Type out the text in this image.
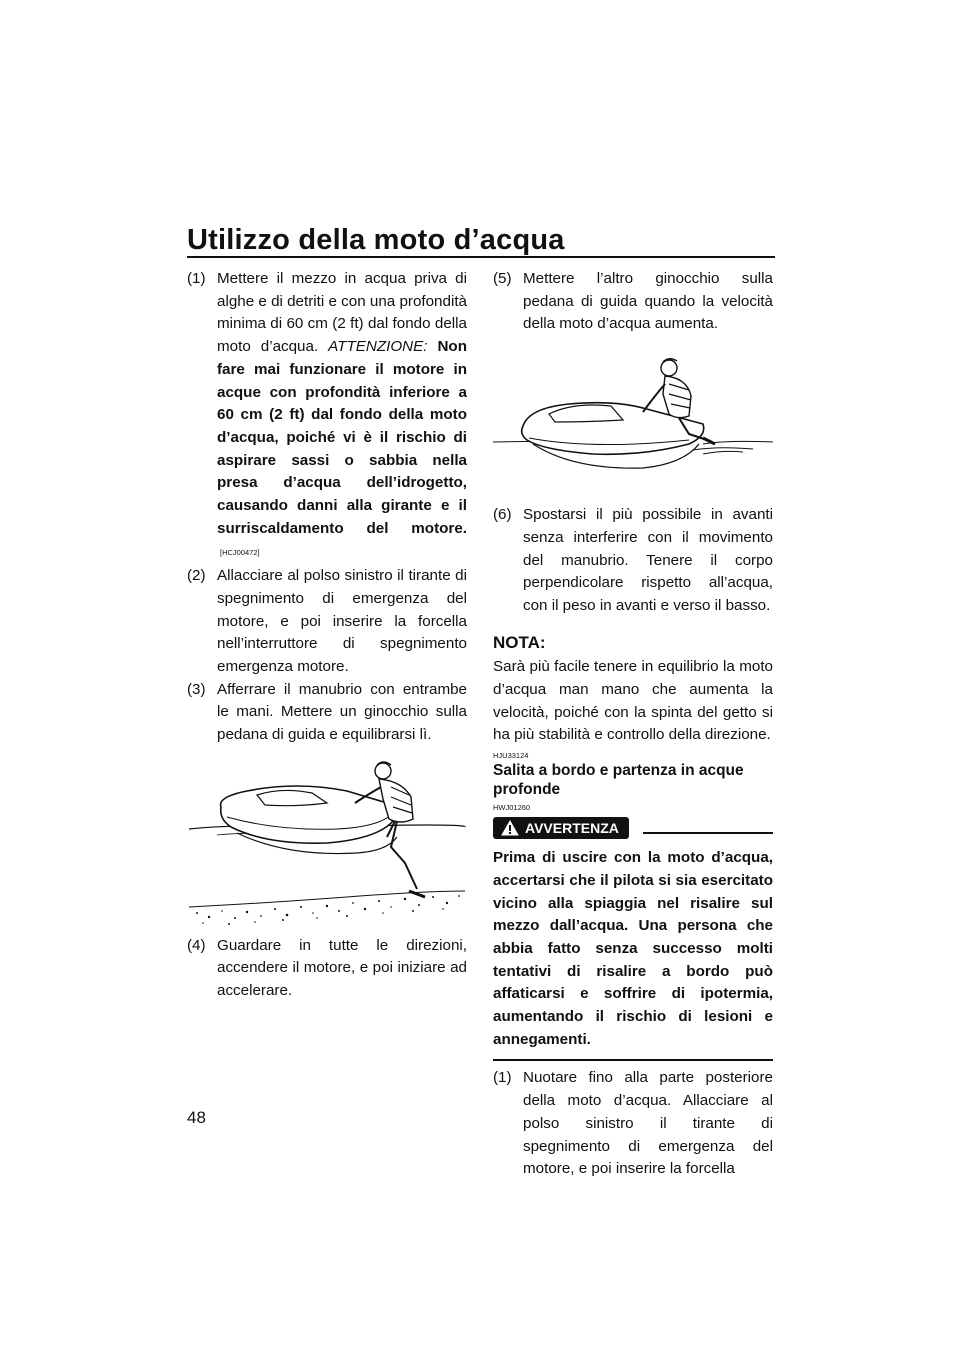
Utilizzo della moto d’acqua
(1) Mettere il mezzo in acqua priva di alghe e di detriti e con una profondità minima di 60 cm (2 ft) dal fondo della moto d’acqua. ATTENZIONE: Non fare mai funzionare il motore in acque con profondità inferiore a 60 cm (2 ft) dal fondo della moto d’acqua, poiché vi è il rischio di aspirare sassi o sabbia nella presa d’acqua dell’idrogetto, causando danni alla girante e il surriscaldamento del motore.[HCJ00472]
(2) Allacciare al polso sinistro il tirante di spegnimento di emergenza del motore, e poi inserire la forcella nell’interruttore di spegnimento emergenza motore.
(3) Afferrare il manubrio con entrambe le mani. Mettere un ginocchio sulla pedana di guida e equilibrarsi lì.
(4) Guardare in tutte le direzioni, accendere il motore, e poi iniziare ad accelerare.
(5) Mettere l’altro ginocchio sulla pedana di guida quando la velocità della moto d’acqua aumenta.
(6) Spostarsi il più possibile in avanti senza interferire con il movimento del manubrio. Tenere il corpo perpendicolare rispetto all’acqua, con il peso in avanti e verso il basso.
NOTA:
Sarà più facile tenere in equilibrio la moto d’acqua man mano che aumenta la velocità, poiché con la spinta del getto si ha più stabilità e controllo della direzione.
HJU33124
Salita a bordo e partenza in acque profonde
HWJ01260
AVVERTENZA
Prima di uscire con la moto d’acqua, accertarsi che il pilota si sia esercitato vicino alla spiaggia nel risalire sul mezzo dall’acqua. Una persona che abbia fatto senza successo molti tentativi di risalire a bordo può affaticarsi e soffrire di ipotermia, aumentando il rischio di lesioni e annegamenti.
(1) Nuotare fino alla parte posteriore della moto d’acqua. Allacciare al polso sinistro il tirante di spegnimento di emergenza del motore, e poi inserire la forcella
48
